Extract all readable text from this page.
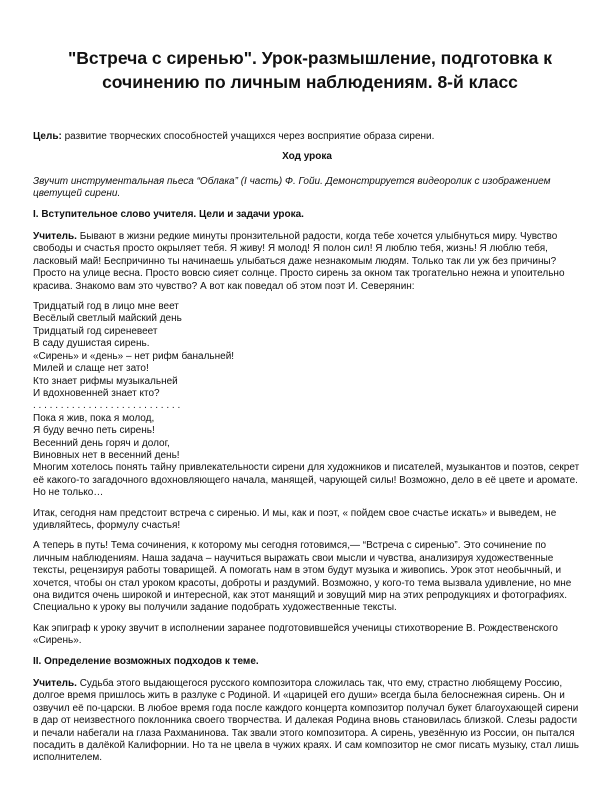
"Встреча с сиренью". Урок-размышление, подготовка к
сочинению по личным наблюдениям. 8-й класс

Цель: развитие творческих способностей учащихся через восприятие образа сирени.

Ход урока

Звучит инструментальная пьеса “Облака” (I часть) Ф. Гойи. Демонстрируется видеоролик с изображением цветущей сирени.

I. Вступительное слово учителя. Цели и задачи урока.

Учитель. Бывают в жизни редкие минуты пронзительной радости, когда тебе хочется улыбнуться миру. Чувство свободы и счастья просто окрыляет тебя. Я живу! Я молод! Я полон сил! Я люблю тебя, жизнь! Я люблю тебя, ласковый май! Беспричинно ты начинаешь улыбаться даже незнакомым людям. Только так ли уж без причины? Просто на улице весна. Просто вовсю сияет солнце. Просто сирень за окном так трогательно нежна и упоительно красива. Знакомо вам это чувство? А вот как поведал об этом поэт И. Северянин:

Тридцатый год в лицо мне веет
Весёлый светлый майский день
Тридцатый год сиреневеет
В саду душистая сирень.
«Сирень» и «день» – нет рифм банальней!
Милей и слаще нет зато!
Кто знает рифмы музыкальней
И вдохновенней знает кто?
. . . . . . . . . . . . . . . . . . . . . . . . . . .
Пока я жив, пока я молод,
Я буду вечно петь сирень!
Весенний день горяч и долог,
Виновных нет в весенний день!

Многим хотелось понять тайну привлекательности сирени для художников и писателей, музыкантов и поэтов, секрет её какого-то загадочного вдохновляющего начала, манящей, чарующей силы! Возможно, дело в её цвете и аромате. Но не только…

Итак, сегодня нам предстоит встреча с сиренью. И мы, как и поэт, « пойдем свое счастье искать» и выведем, не удивляйтесь, формулу счастья!

А теперь в путь! Тема сочинения, к которому мы сегодня готовимся,— “Встреча с сиренью”. Это сочинение по личным наблюдениям. Наша задача – научиться выражать свои мысли и чувства, анализируя художественные тексты, рецензируя работы товарищей. А помогать нам в этом будут музыка и живопись. Урок этот необычный, и хочется, чтобы он стал уроком красоты, доброты и раздумий. Возможно, у кого-то тема вызвала удивление, но мне она видится очень широкой и интересной, как этот манящий и зовущий мир на этих репродукциях и фотографиях. Специально к уроку вы получили задание подобрать художественные тексты.

Как эпиграф к уроку звучит в исполнении заранее подготовившейся ученицы стихотворение В. Рождественского «Сирень».

II. Определение возможных подходов к теме.

Учитель. Судьба этого выдающегося русского композитора сложилась так, что ему, страстно любящему Россию, долгое время пришлось жить в разлуке с Родиной. И «царицей его души» всегда была белоснежная сирень. Он и озвучил её по-царски. В любое время года после каждого концерта композитор получал букет благоухающей сирени в дар от неизвестного поклонника своего творчества. И далекая Родина вновь становилась близкой. Слезы радости и печали набегали на глаза Рахманинова. Так звали этого композитора. А сирень, увезённую из России, он пытался посадить в далёкой Калифорнии. Но та не цвела в чужих краях. И сам композитор не смог писать музыку, стал лишь исполнителем.
